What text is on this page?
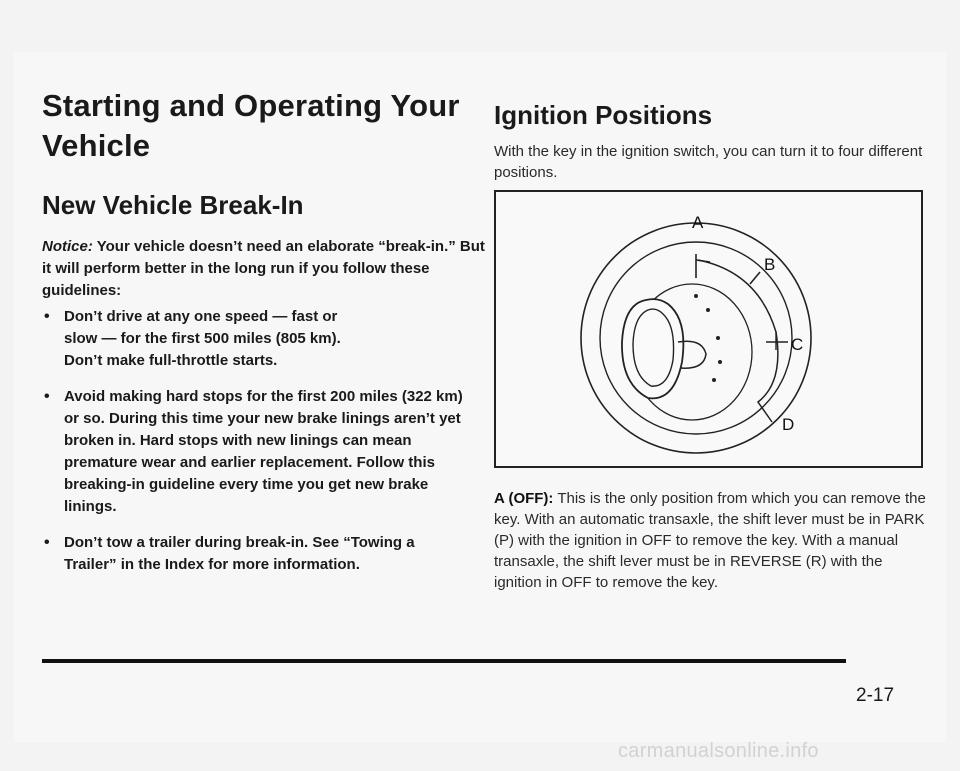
Starting and Operating Your Vehicle
New Vehicle Break-In

Notice: Your vehicle doesn’t need an elaborate “break-in.” But it will perform better in the long run if you follow these guidelines:

• Don’t drive at any one speed — fast or
slow — for the first 500 miles (805 km).
Don’t make full-throttle starts.
• Avoid making hard stops for the first 200 miles (322 km) or so. During this time your new brake linings aren’t yet broken in. Hard stops with new linings can mean premature wear and earlier replacement. Follow this breaking-in guideline every time you get new brake linings.
• Don’t tow a trailer during break-in. See “Towing a Trailer” in the Index for more information.
Ignition Positions

With the key in the ignition switch, you can turn it to four different positions.

A
B
C
D

A (OFF): This is the only position from which you can remove the key. With an automatic transaxle, the shift lever must be in PARK (P) with the ignition in OFF to remove the key. With a manual transaxle, the shift lever must be in REVERSE (R) with the ignition in OFF to remove the key.

2-17

carmanualsonline.info
